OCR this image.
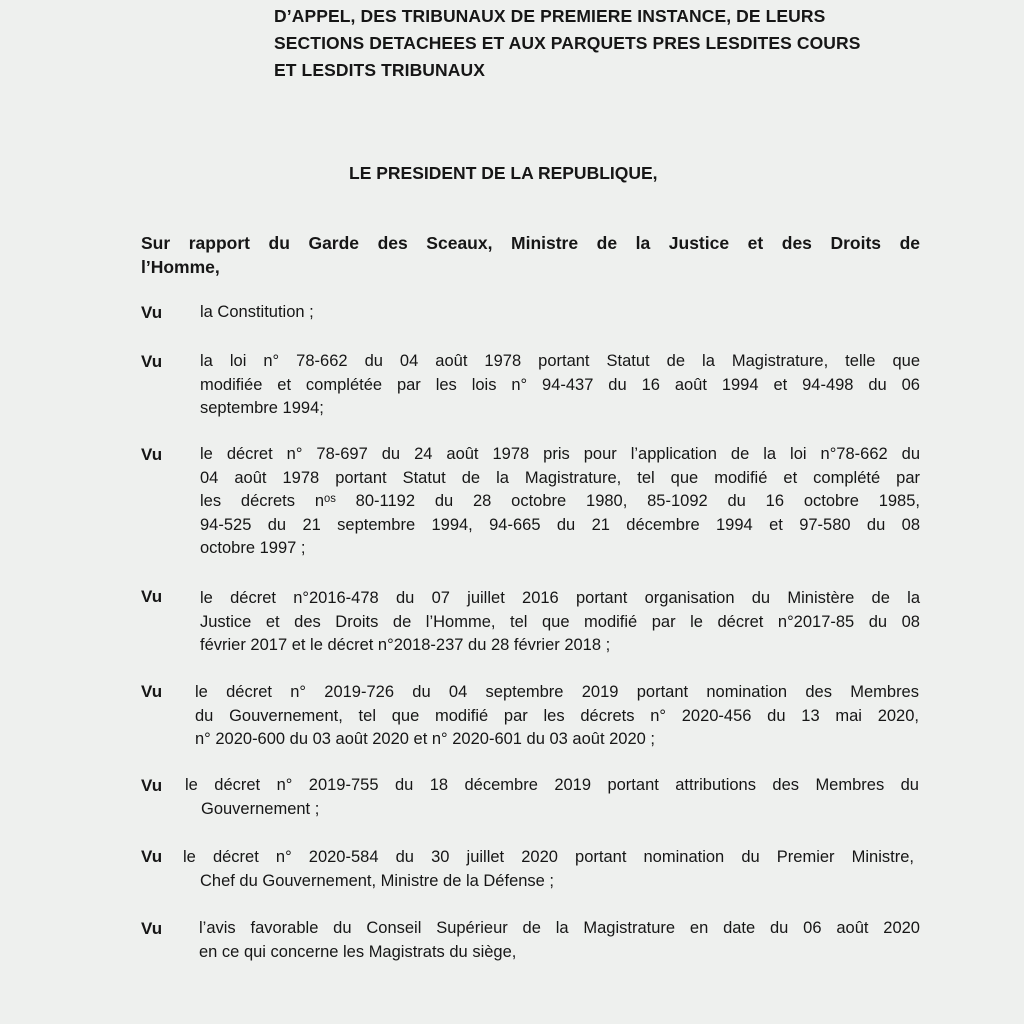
D’APPEL, DES TRIBUNAUX DE PREMIERE INSTANCE, DE LEURS
SECTIONS DETACHEES ET AUX PARQUETS PRES LESDITES COURS
ET LESDITS TRIBUNAUX
LE PRESIDENT DE LA REPUBLIQUE,
Sur rapport du Garde des Sceaux, Ministre de la Justice et des Droits de
l’Homme,
Vu la Constitution ;
Vu la loi n° 78-662 du 04 août 1978 portant Statut de la Magistrature, telle que
modifiée et complétée par les lois n° 94-437 du 16 août 1994 et 94-498 du 06
septembre 1994;
Vu le décret n° 78-697 du 24 août 1978 pris pour l’application de la loi n°78-662 du
04 août 1978 portant Statut de la Magistrature, tel que modifié et complété par
les décrets nᵒˢ 80-1192 du 28 octobre 1980, 85-1092 du 16 octobre 1985,
94-525 du 21 septembre 1994, 94-665 du 21 décembre 1994 et 97-580 du 08
octobre 1997 ;
Vu le décret n°2016-478 du 07 juillet 2016 portant organisation du Ministère de la
Justice et des Droits de l’Homme, tel que modifié par le décret n°2017-85 du 08
février 2017 et le décret n°2018-237 du 28 février 2018 ;
Vu le décret n° 2019-726 du 04 septembre 2019 portant nomination des Membres
du Gouvernement, tel que modifié par les décrets n° 2020-456 du 13 mai 2020,
n° 2020-600 du 03 août 2020 et n° 2020-601 du 03 août 2020 ;
Vu le décret n° 2019-755 du 18 décembre 2019 portant attributions des Membres du
Gouvernement ;
Vu le décret n° 2020-584 du 30 juillet 2020 portant nomination du Premier Ministre,
Chef du Gouvernement, Ministre de la Défense ;
Vu l’avis favorable du Conseil Supérieur de la Magistrature en date du 06 août 2020
en ce qui concerne les Magistrats du siège,
